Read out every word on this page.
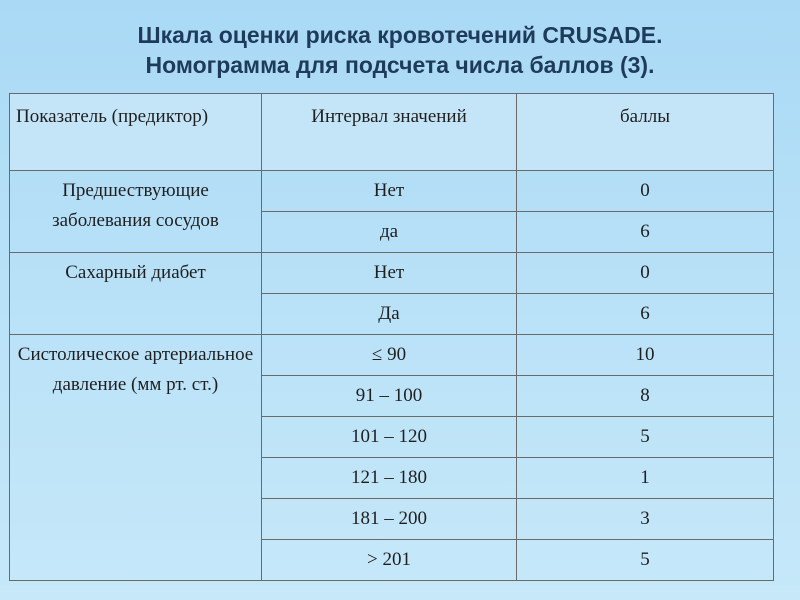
Шкала оценки риска кровотечений CRUSADE.
Номограмма для подсчета числа баллов (3).
Показатель (предиктор)	Интервал значений	баллы
Предшествующие заболевания сосудов	Нет	0
	да	6
Сахарный диабет	Нет	0
	Да	6
Систолическое артериальное давление (мм рт. ст.)	≤ 90	10
	91 – 100	8
	101 – 120	5
	121 – 180	1
	181 – 200	3
	> 201	5
